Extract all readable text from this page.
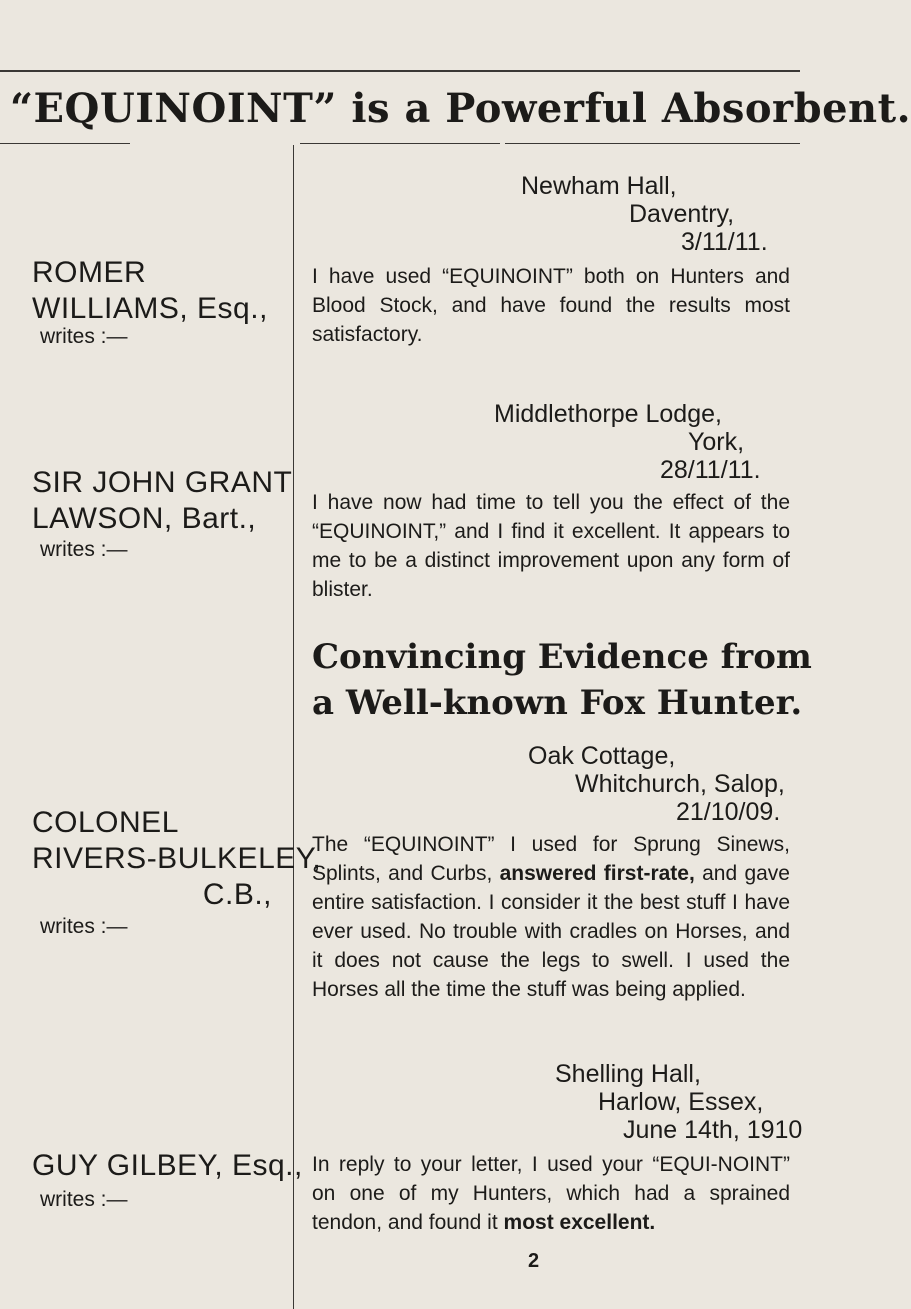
“EQUINOINT” is a Powerful Absorbent.
ROMER
WILLIAMS, Esq.,
writes :—
Newham Hall,
Daventry,
3/11/11.
I have used “EQUINOINT” both on Hunters and Blood Stock, and have found the results most satisfactory.
SIR JOHN GRANT
LAWSON, Bart.,
writes :—
Middlethorpe Lodge,
York,
28/11/11.
I have now had time to tell you the effect of the “EQUINOINT,” and I find it excellent. It appears to me to be a distinct improvement upon any form of blister.
Convincing Evidence from
a Well-known Fox Hunter.
COLONEL
RIVERS-BULKELEY,
C.B.,
writes :—
Oak Cottage,
Whitchurch, Salop,
21/10/09.
The “EQUINOINT” I used for Sprung Sinews, Splints, and Curbs, answered first-rate, and gave entire satisfaction. I consider it the best stuff I have ever used. No trouble with cradles on Horses, and it does not cause the legs to swell. I used the Horses all the time the stuff was being applied.
GUY GILBEY, Esq.,
writes :—
Shelling Hall,
Harlow, Essex,
June 14th, 1910
In reply to your letter, I used your “EQUI-NOINT” on one of my Hunters, which had a sprained tendon, and found it most excellent.
2
